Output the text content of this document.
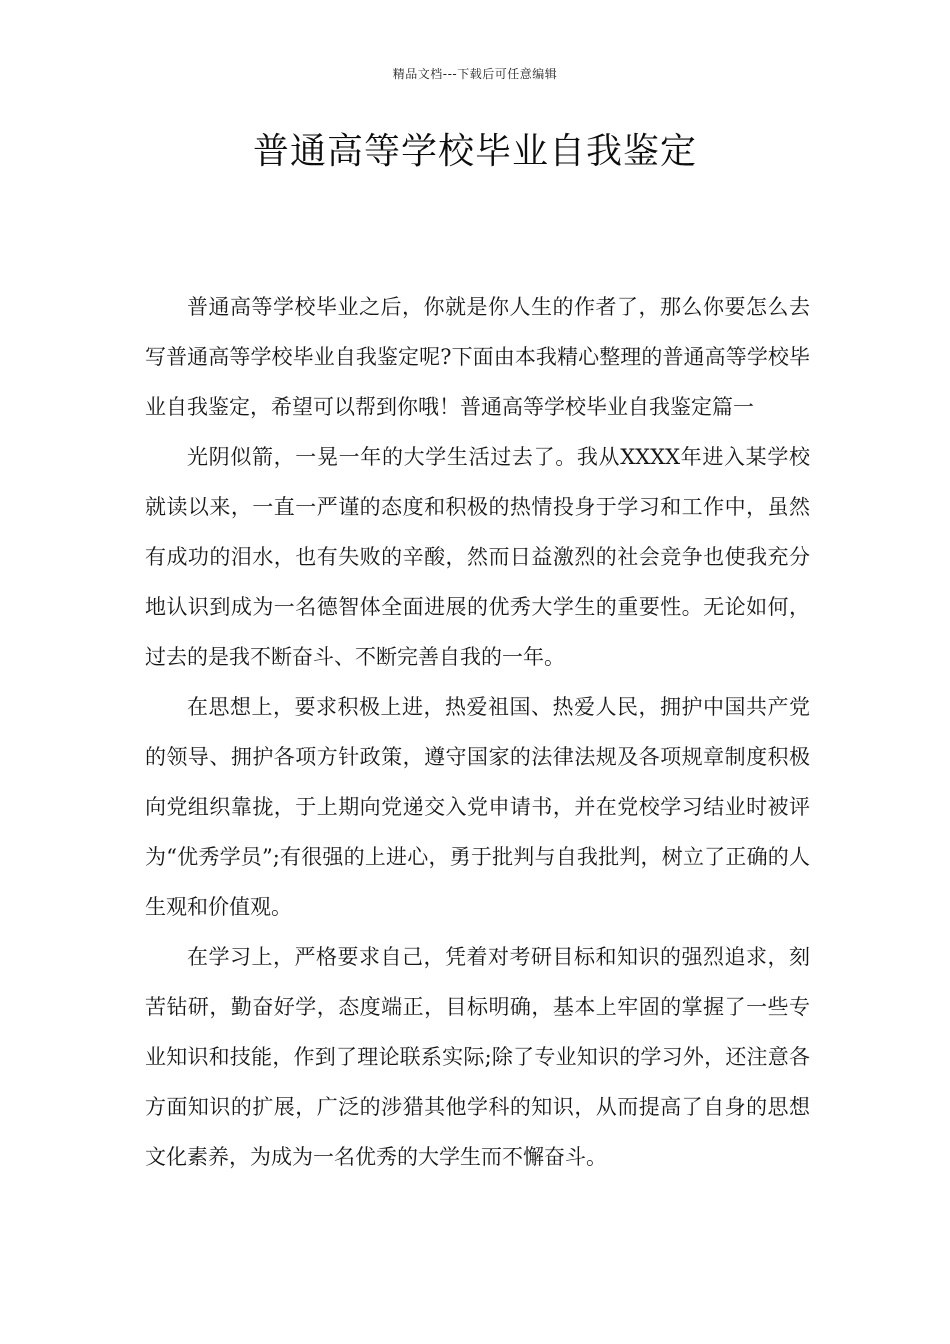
精品文档---下载后可任意编辑
普通高等学校毕业自我鉴定

普通高等学校毕业之后，你就是你人生的作者了，那么你要怎么去写普通高等学校毕业自我鉴定呢?下面由本我精心整理的普通高等学校毕业自我鉴定，希望可以帮到你哦！普通高等学校毕业自我鉴定篇一

光阴似箭，一晃一年的大学生活过去了。我从XXXX年进入某学校就读以来，一直一严谨的态度和积极的热情投身于学习和工作中，虽然有成功的泪水，也有失败的辛酸，然而日益激烈的社会竞争也使我充分地认识到成为一名德智体全面进展的优秀大学生的重要性。无论如何，过去的是我不断奋斗、不断完善自我的一年。

在思想上，要求积极上进，热爱祖国、热爱人民，拥护中国共产党的领导、拥护各项方针政策，遵守国家的法律法规及各项规章制度积极向党组织靠拢，于上期向党递交入党申请书，并在党校学习结业时被评为“优秀学员”;有很强的上进心，勇于批判与自我批判，树立了正确的人生观和价值观。

在学习上，严格要求自己，凭着对考研目标和知识的强烈追求，刻苦钻研，勤奋好学，态度端正，目标明确，基本上牢固的掌握了一些专业知识和技能，作到了理论联系实际;除了专业知识的学习外，还注意各方面知识的扩展，广泛的涉猎其他学科的知识，从而提高了自身的思想文化素养，为成为一名优秀的大学生而不懈奋斗。
